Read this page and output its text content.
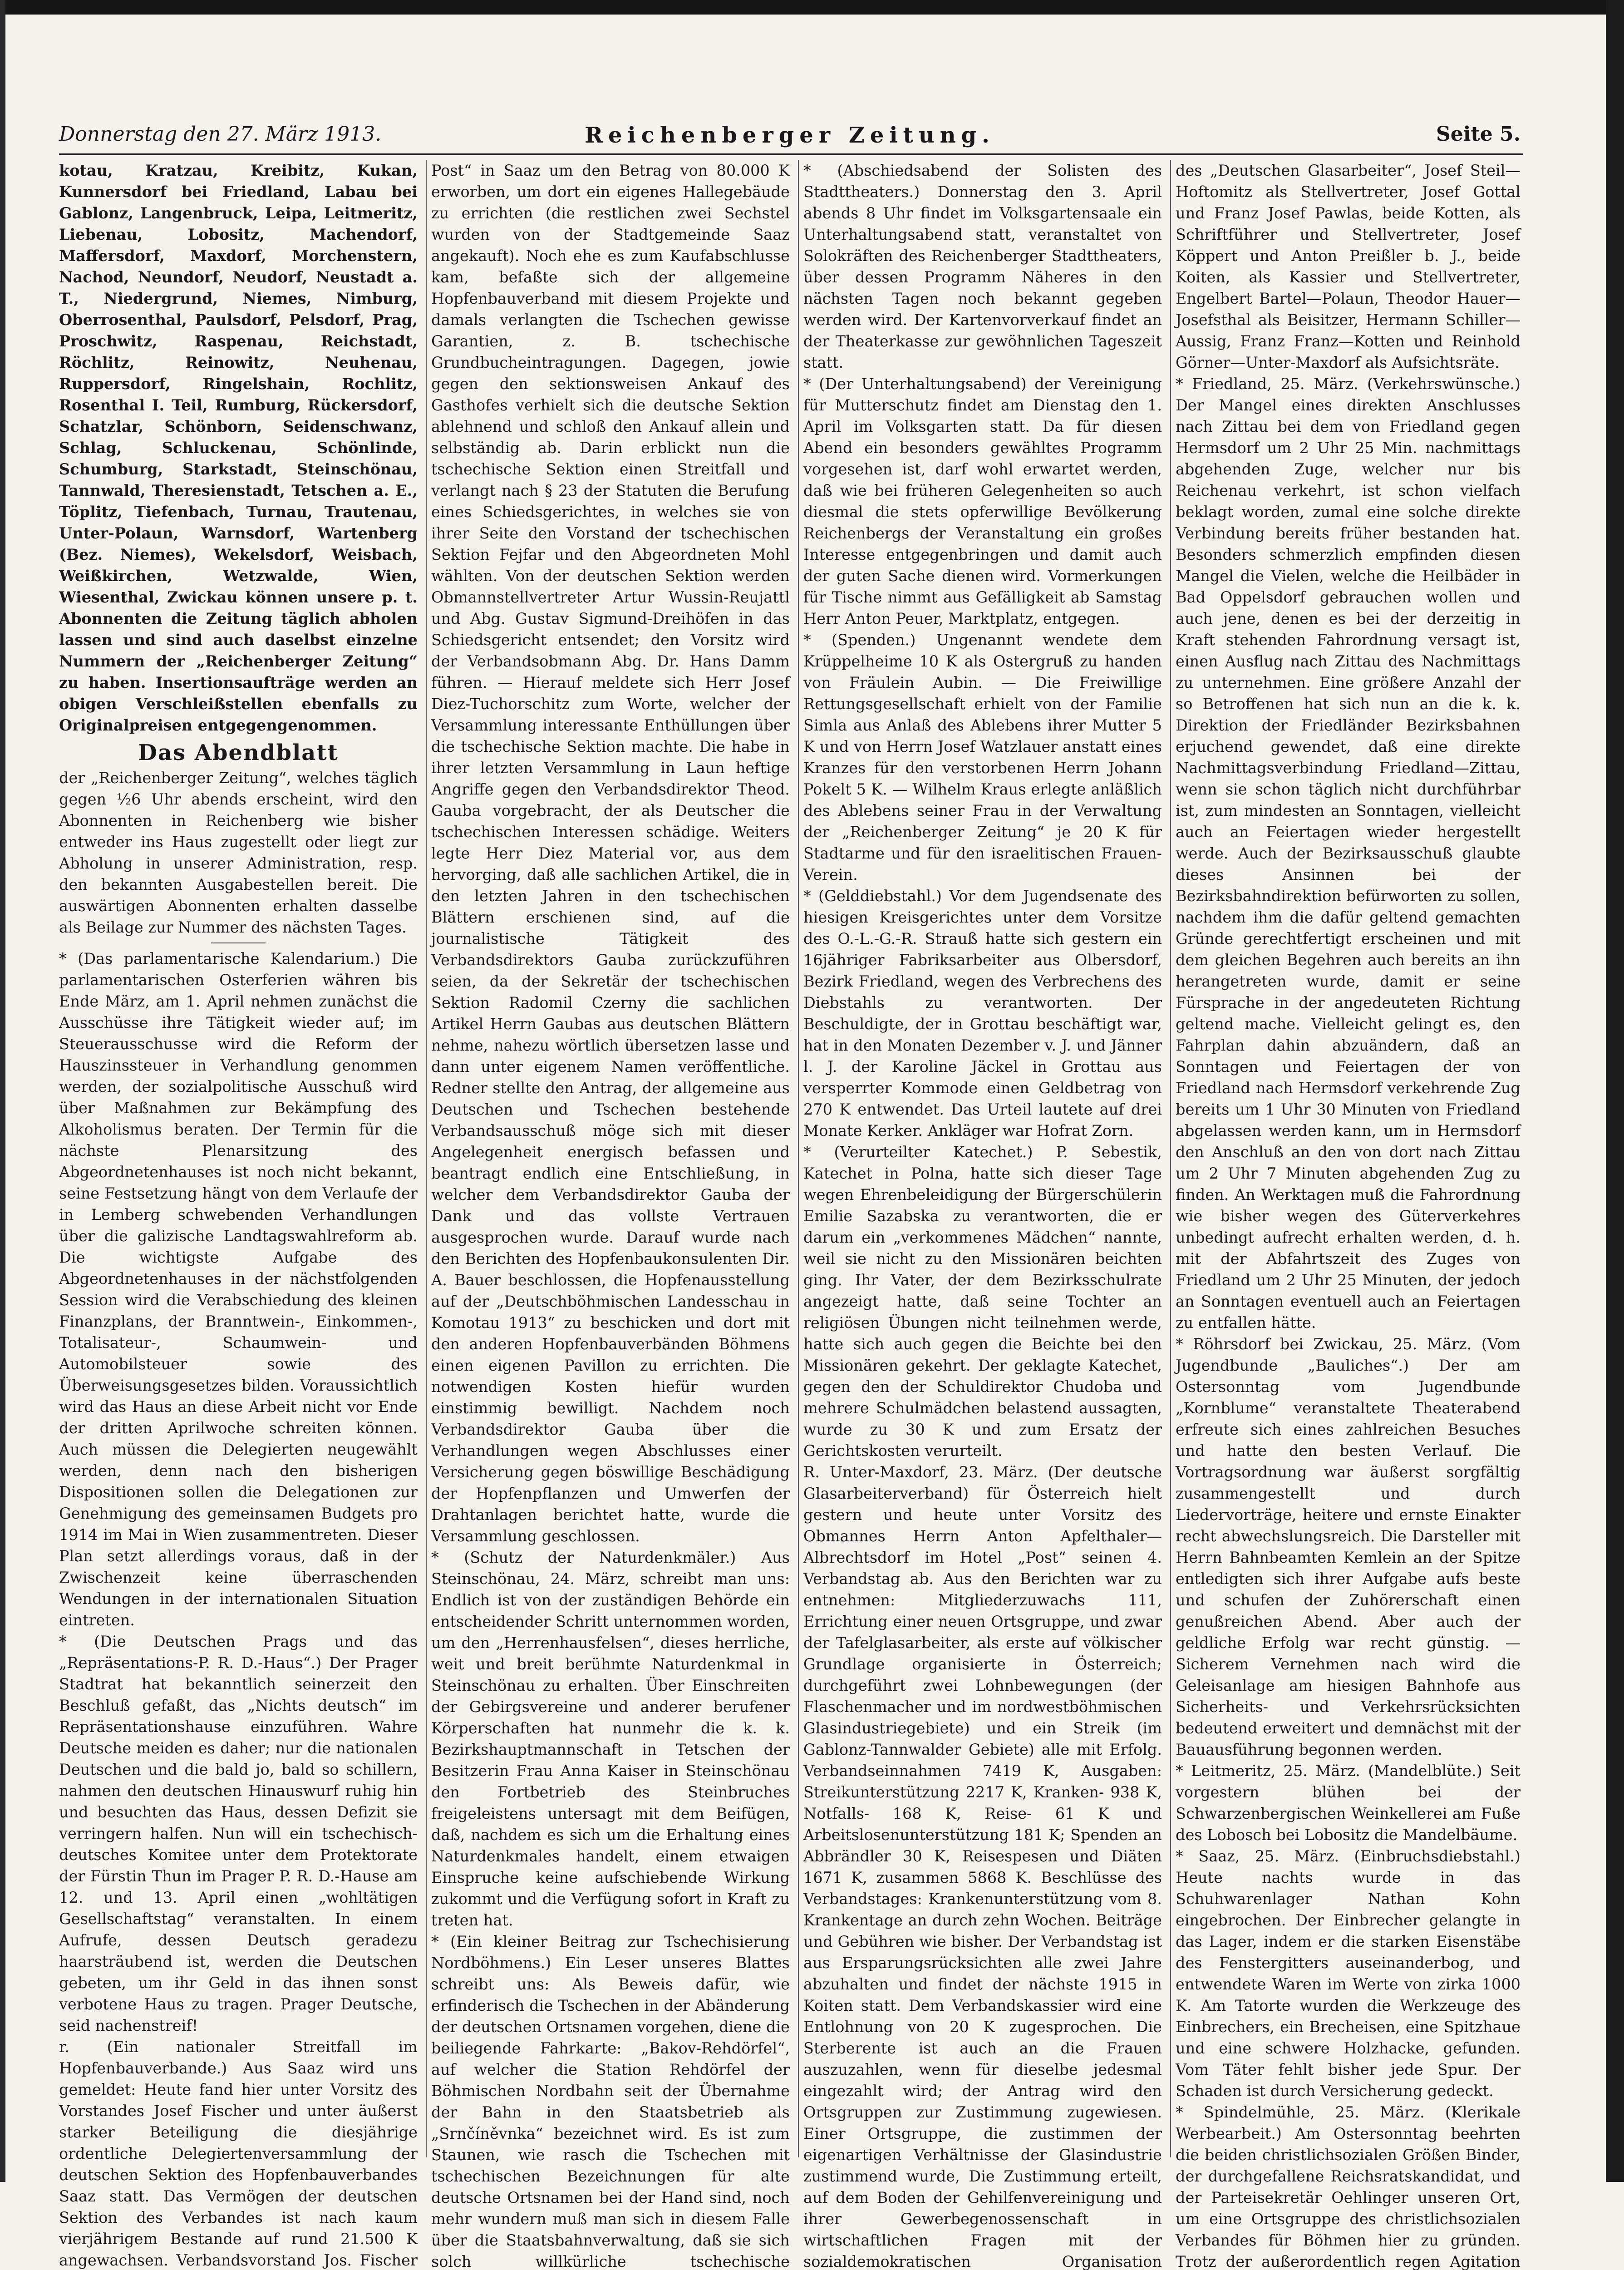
Donnerstag den 27. März 1913.	Reichenberger Zeitung.	Seite 5.

kotau, Kratzau, Kreibitz, Kukan, Kunnersdorf bei Friedland, Labau bei Gablonz, Langenbruck, Leipa, Leitmeritz, Liebenau, Lobositz, Machendorf, Maffersdorf, Maxdorf, Morchenstern, Nachod, Neundorf, Neudorf, Neustadt a. T., Niedergrund, Niemes, Nimburg, Oberrosenthal, Paulsdorf, Pelsdorf, Prag, Proschwitz, Raspenau, Reichstadt, Röchlitz, Reinowitz, Neuhenau, Ruppersdorf, Ringelshain, Rochlitz, Rosenthal I. Teil, Rumburg, Rückersdorf, Schatzlar, Schönborn, Seidenschwanz, Schlag, Schluckenau, Schönlinde, Schumburg, Starkstadt, Steinschönau, Tannwald, Theresienstadt, Tetschen a. E., Töplitz, Tiefenbach, Turnau, Trautenau, Unter-Polaun, Warnsdorf, Wartenberg (Bez. Niemes), Wekelsdorf, Weisbach, Weißkirchen, Wetzwalde, Wien, Wiesenthal, Zwickau können unsere p. t. Abonnenten die Zeitung täglich abholen lassen und sind auch daselbst einzelne Nummern der „Reichenberger Zeitung“ zu haben. Insertionsaufträge werden an obigen Verschleißstellen ebenfalls zu Originalpreisen entgegengenommen.

Das Abendblatt

der „Reichenberger Zeitung“, welches täglich gegen ½6 Uhr abends erscheint, wird den Abonnenten in Reichenberg wie bisher entweder ins Haus zugestellt oder liegt zur Abholung in unserer Administration, resp. den bekannten Ausgabestellen bereit. Die auswärtigen Abonnenten erhalten dasselbe als Beilage zur Nummer des nächsten Tages.

* (Das parlamentarische Kalendarium.) Die parlamentarischen Osterferien währen bis Ende März, am 1. April nehmen zunächst die Ausschüsse ihre Tätigkeit wieder auf; im Steuerausschusse wird die Reform der Hauszinssteuer in Verhandlung genommen werden, der sozialpolitische Ausschuß wird über Maßnahmen zur Bekämpfung des Alkoholismus beraten. Der Termin für die nächste Plenarsitzung des Abgeordnetenhauses ist noch nicht bekannt, seine Festsetzung hängt von dem Verlaufe der in Lemberg schwebenden Verhandlungen über die galizische Landtagswahlreform ab. Die wichtigste Aufgabe des Abgeordnetenhauses in der nächstfolgenden Session wird die Verabschiedung des kleinen Finanzplans, der Branntwein-, Einkommen-, Totalisateur-, Schaumwein- und Automobilsteuer sowie des Überweisungsgesetzes bilden. Voraussichtlich wird das Haus an diese Arbeit nicht vor Ende der dritten Aprilwoche schreiten können. Auch müssen die Delegierten neugewählt werden, denn nach den bisherigen Dispositionen sollen die Delegationen zur Genehmigung des gemeinsamen Budgets pro 1914 im Mai in Wien zusammentreten. Dieser Plan setzt allerdings voraus, daß in der Zwischenzeit keine überraschenden Wendungen in der internationalen Situation eintreten.

* (Die Deutschen Prags und das „Repräsentations-P. R. D.-Haus“.) Der Prager Stadtrat hat bekanntlich seinerzeit den Beschluß gefaßt, das „Nichts deutsch“ im Repräsentationshause einzuführen. Wahre Deutsche meiden es daher; nur die nationalen Deutschen und die bald jo, bald so schillern, nahmen den deutschen Hinauswurf ruhig hin und besuchten das Haus, dessen Defizit sie verringern halfen. Nun will ein tschechisch-deutsches Komitee unter dem Protektorate der Fürstin Thun im Prager P. R. D.-Hause am 12. und 13. April einen „wohltätigen Gesellschaftstag“ veranstalten. In einem Aufrufe, dessen Deutsch geradezu haarsträubend ist, werden die Deutschen gebeten, um ihr Geld in das ihnen sonst verbotene Haus zu tragen. Prager Deutsche, seid nachenstreif!

r. (Ein nationaler Streitfall im Hopfenbauverbande.) Aus Saaz wird uns gemeldet: Heute fand hier unter Vorsitz des Vorstandes Josef Fischer und unter äußerst starker Beteiligung die diesjährige ordentliche Delegiertenversammlung der deutschen Sektion des Hopfenbauverbandes Saaz statt. Das Vermögen der deutschen Sektion des Verbandes ist nach kaum vierjährigem Bestande auf rund 21.500 K angewachsen. Verbandsvorstand Jos. Fischer

Post“ in Saaz um den Betrag von 80.000 K erworben, um dort ein eigenes Hallegebäude zu errichten (die restlichen zwei Sechstel wurden von der Stadtgemeinde Saaz angekauft). Noch ehe es zum Kaufabschlusse kam, befaßte sich der allgemeine Hopfenbauverband mit diesem Projekte und damals verlangten die Tschechen gewisse Garantien, z. B. tschechische Grundbucheintragungen. Dagegen, jowie gegen den sektionsweisen Ankauf des Gasthofes verhielt sich die deutsche Sektion ablehnend und schloß den Ankauf allein und selbständig ab. Darin erblickt nun die tschechische Sektion einen Streitfall und verlangt nach § 23 der Statuten die Berufung eines Schiedsgerichtes, in welches sie von ihrer Seite den Vorstand der tschechischen Sektion Fejfar und den Abgeordneten Mohl wählten. Von der deutschen Sektion werden Obmannstellvertreter Artur Wussin-Reujattl und Abg. Gustav Sigmund-Dreihöfen in das Schiedsgericht entsendet; den Vorsitz wird der Verbandsobmann Abg. Dr. Hans Damm führen. — Hierauf meldete sich Herr Josef Diez-Tuchorschitz zum Worte, welcher der Versammlung interessante Enthüllungen über die tschechische Sektion machte. Die habe in ihrer letzten Versammlung in Laun heftige Angriffe gegen den Verbandsdirektor Theod. Gauba vorgebracht, der als Deutscher die tschechischen Interessen schädige. Weiters legte Herr Diez Material vor, aus dem hervorging, daß alle sachlichen Artikel, die in den letzten Jahren in den tschechischen Blättern erschienen sind, auf die journalistische Tätigkeit des Verbandsdirektors Gauba zurückzuführen seien, da der Sekretär der tschechischen Sektion Radomil Czerny die sachlichen Artikel Herrn Gaubas aus deutschen Blättern nehme, nahezu wörtlich übersetzen lasse und dann unter eigenem Namen veröffentliche. Redner stellte den Antrag, der allgemeine aus Deutschen und Tschechen bestehende Verbandsausschuß möge sich mit dieser Angelegenheit energisch befassen und beantragt endlich eine Entschließung, in welcher dem Verbandsdirektor Gauba der Dank und das vollste Vertrauen ausgesprochen wurde. Darauf wurde nach den Berichten des Hopfenbaukonsulenten Dir. A. Bauer beschlossen, die Hopfenausstellung auf der „Deutschböhmischen Landesschau in Komotau 1913“ zu beschicken und dort mit den anderen Hopfenbauverbänden Böhmens einen eigenen Pavillon zu errichten. Die notwendigen Kosten hiefür wurden einstimmig bewilligt. Nachdem noch Verbandsdirektor Gauba über die Verhandlungen wegen Abschlusses einer Versicherung gegen böswillige Beschädigung der Hopfenpflanzen und Umwerfen der Drahtanlagen berichtet hatte, wurde die Versammlung geschlossen.

* (Schutz der Naturdenkmäler.) Aus Steinschönau, 24. März, schreibt man uns: Endlich ist von der zuständigen Behörde ein entscheidender Schritt unternommen worden, um den „Herrenhausfelsen“, dieses herrliche, weit und breit berühmte Naturdenkmal in Steinschönau zu erhalten. Über Einschreiten der Gebirgsvereine und anderer berufener Körperschaften hat nunmehr die k. k. Bezirkshauptmannschaft in Tetschen der Besitzerin Frau Anna Kaiser in Steinschönau den Fortbetrieb des Steinbruches freigeleistens untersagt mit dem Beifügen, daß, nachdem es sich um die Erhaltung eines Naturdenkmales handelt, einem etwaigen Einspruche keine aufschiebende Wirkung zukommt und die Verfügung sofort in Kraft zu treten hat.

* (Ein kleiner Beitrag zur Tschechisierung Nordböhmens.) Ein Leser unseres Blattes schreibt uns: Als Beweis dafür, wie erfinderisch die Tschechen in der Abänderung der deutschen Ortsnamen vorgehen, diene die beiliegende Fahrkarte: „Bakov-Rehdörfel“, auf welcher die Station Rehdörfel der Böhmischen Nordbahn seit der Übernahme der Bahn in den Staatsbetrieb als „Srnčíněvnka“ bezeichnet wird. Es ist zum Staunen, wie rasch die Tschechen mit tschechischen Bezeichnungen für alte deutsche Ortsnamen bei der Hand sind, noch mehr wundern muß man sich in diesem Falle über die Staatsbahnverwaltung, daß sie sich solch willkürliche tschechische

* (Abschiedsabend der Solisten des Stadttheaters.) Donnerstag den 3. April abends 8 Uhr findet im Volksgartensaale ein Unterhaltungsabend statt, veranstaltet von Solokräften des Reichenberger Stadttheaters, über dessen Programm Näheres in den nächsten Tagen noch bekannt gegeben werden wird. Der Kartenvorverkauf findet an der Theaterkasse zur gewöhnlichen Tageszeit statt.

* (Der Unterhaltungsabend) der Vereinigung für Mutterschutz findet am Dienstag den 1. April im Volksgarten statt. Da für diesen Abend ein besonders gewähltes Programm vorgesehen ist, darf wohl erwartet werden, daß wie bei früheren Gelegenheiten so auch diesmal die stets opferwillige Bevölkerung Reichenbergs der Veranstaltung ein großes Interesse entgegenbringen und damit auch der guten Sache dienen wird. Vormerkungen für Tische nimmt aus Gefälligkeit ab Samstag Herr Anton Peuer, Marktplatz, entgegen.

* (Spenden.) Ungenannt wendete dem Krüppelheime 10 K als Ostergruß zu handen von Fräulein Aubin. — Die Freiwillige Rettungsgesellschaft erhielt von der Familie Simla aus Anlaß des Ablebens ihrer Mutter 5 K und von Herrn Josef Watzlauer anstatt eines Kranzes für den verstorbenen Herrn Johann Pokelt 5 K. — Wilhelm Kraus erlegte anläßlich des Ablebens seiner Frau in der Verwaltung der „Reichenberger Zeitung“ je 20 K für Stadtarme und für den israelitischen Frauen-Verein.

* (Gelddiebstahl.) Vor dem Jugendsenate des hiesigen Kreisgerichtes unter dem Vorsitze des O.-L.-G.-R. Strauß hatte sich gestern ein 16jähriger Fabriksarbeiter aus Olbersdorf, Bezirk Friedland, wegen des Verbrechens des Diebstahls zu verantworten. Der Beschuldigte, der in Grottau beschäftigt war, hat in den Monaten Dezember v. J. und Jänner l. J. der Karoline Jäckel in Grottau aus versperrter Kommode einen Geldbetrag von 270 K entwendet. Das Urteil lautete auf drei Monate Kerker. Ankläger war Hofrat Zorn.

* (Verurteilter Katechet.) P. Sebestik, Katechet in Polna, hatte sich dieser Tage wegen Ehrenbeleidigung der Bürgerschülerin Emilie Sazabska zu verantworten, die er darum ein „verkommenes Mädchen“ nannte, weil sie nicht zu den Missionären beichten ging. Ihr Vater, der dem Bezirksschulrate angezeigt hatte, daß seine Tochter an religiösen Übungen nicht teilnehmen werde, hatte sich auch gegen die Beichte bei den Missionären gekehrt. Der geklagte Katechet, gegen den der Schuldirektor Chudoba und mehrere Schulmädchen belastend aussagten, wurde zu 30 K und zum Ersatz der Gerichtskosten verurteilt.

R. Unter-Maxdorf, 23. März. (Der deutsche Glasarbeiterverband) für Österreich hielt gestern und heute unter Vorsitz des Obmannes Herrn Anton Apfelthaler—Albrechtsdorf im Hotel „Post“ seinen 4. Verbandstag ab. Aus den Berichten war zu entnehmen: Mitgliederzuwachs 111, Errichtung einer neuen Ortsgruppe, und zwar der Tafelglasarbeiter, als erste auf völkischer Grundlage organisierte in Österreich; durchgeführt zwei Lohnbewegungen (der Flaschenmacher und im nordwestböhmischen Glasindustriegebiete) und ein Streik (im Gablonz-Tannwalder Gebiete) alle mit Erfolg. Verbandseinnahmen 7419 K, Ausgaben: Streikunterstützung 2217 K, Kranken- 938 K, Notfalls- 168 K, Reise- 61 K und Arbeitslosenunterstützung 181 K; Spenden an Abbrändler 30 K, Reisespesen und Diäten 1671 K, zusammen 5868 K. Beschlüsse des Verbandstages: Krankenunterstützung vom 8. Krankentage an durch zehn Wochen. Beiträge und Gebühren wie bisher. Der Verbandstag ist aus Ersparungsrücksichten alle zwei Jahre abzuhalten und findet der nächste 1915 in Koiten statt. Dem Verbandskassier wird eine Entlohnung von 20 K zugesprochen. Die Sterberente ist auch an die Frauen auszuzahlen, wenn für dieselbe jedesmal eingezahlt wird; der Antrag wird den Ortsgruppen zur Zustimmung zugewiesen. Einer Ortsgruppe, die zustimmen der eigenartigen Verhältnisse der Glasindustrie zustimmend wurde, Die Zustimmung erteilt, auf dem Boden der Gehilfenvereinigung und ihrer Gewerbegenossenschaft in wirtschaftlichen Fragen mit der sozialdemokratischen Organisation

des „Deutschen Glasarbeiter“, Josef Steil—Hoftomitz als Stellvertreter, Josef Gottal und Franz Josef Pawlas, beide Kotten, als Schriftführer und Stellvertreter, Josef Köppert und Anton Preißler b. J., beide Koiten, als Kassier und Stellvertreter, Engelbert Bartel—Polaun, Theodor Hauer—Josefsthal als Beisitzer, Hermann Schiller—Aussig, Franz Franz—Kotten und Reinhold Görner—Unter-Maxdorf als Aufsichtsräte.

* Friedland, 25. März. (Verkehrswünsche.) Der Mangel eines direkten Anschlusses nach Zittau bei dem von Friedland gegen Hermsdorf um 2 Uhr 25 Min. nachmittags abgehenden Zuge, welcher nur bis Reichenau verkehrt, ist schon vielfach beklagt worden, zumal eine solche direkte Verbindung bereits früher bestanden hat. Besonders schmerzlich empfinden diesen Mangel die Vielen, welche die Heilbäder in Bad Oppelsdorf gebrauchen wollen und auch jene, denen es bei der derzeitig in Kraft stehenden Fahrordnung versagt ist, einen Ausflug nach Zittau des Nachmittags zu unternehmen. Eine größere Anzahl der so Betroffenen hat sich nun an die k. k. Direktion der Friedländer Bezirksbahnen erjuchend gewendet, daß eine direkte Nachmittagsverbindung Friedland—Zittau, wenn sie schon täglich nicht durchführbar ist, zum mindesten an Sonntagen, vielleicht auch an Feiertagen wieder hergestellt werde. Auch der Bezirksausschuß glaubte dieses Ansinnen bei der Bezirksbahndirektion befürworten zu sollen, nachdem ihm die dafür geltend gemachten Gründe gerechtfertigt erscheinen und mit dem gleichen Begehren auch bereits an ihn herangetreten wurde, damit er seine Fürsprache in der angedeuteten Richtung geltend mache. Vielleicht gelingt es, den Fahrplan dahin abzuändern, daß an Sonntagen und Feiertagen der von Friedland nach Hermsdorf verkehrende Zug bereits um 1 Uhr 30 Minuten von Friedland abgelassen werden kann, um in Hermsdorf den Anschluß an den von dort nach Zittau um 2 Uhr 7 Minuten abgehenden Zug zu finden. An Werktagen muß die Fahrordnung wie bisher wegen des Güterverkehres unbedingt aufrecht erhalten werden, d. h. mit der Abfahrtszeit des Zuges von Friedland um 2 Uhr 25 Minuten, der jedoch an Sonntagen eventuell auch an Feiertagen zu entfallen hätte.

* Röhrsdorf bei Zwickau, 25. März. (Vom Jugendbunde „Bauliches“.) Der am Ostersonntag vom Jugendbunde „Kornblume“ veranstaltete Theaterabend erfreute sich eines zahlreichen Besuches und hatte den besten Verlauf. Die Vortragsordnung war äußerst sorgfältig zusammengestellt und durch Liedervorträge, heitere und ernste Einakter recht abwechslungsreich. Die Darsteller mit Herrn Bahnbeamten Kemlein an der Spitze entledigten sich ihrer Aufgabe aufs beste und schufen der Zuhörerschaft einen genußreichen Abend. Aber auch der geldliche Erfolg war recht günstig. — Sicherem Vernehmen nach wird die Geleisanlage am hiesigen Bahnhofe aus Sicherheits- und Verkehrsrücksichten bedeutend erweitert und demnächst mit der Bauausführung begonnen werden.

* Leitmeritz, 25. März. (Mandelblüte.) Seit vorgestern blühen bei der Schwarzenbergischen Weinkellerei am Fuße des Lobosch bei Lobositz die Mandelbäume.

* Saaz, 25. März. (Einbruchsdiebstahl.) Heute nachts wurde in das Schuhwarenlager Nathan Kohn eingebrochen. Der Einbrecher gelangte in das Lager, indem er die starken Eisenstäbe des Fenstergitters auseinanderbog, und entwendete Waren im Werte von zirka 1000 K. Am Tatorte wurden die Werkzeuge des Einbrechers, ein Brecheisen, eine Spitzhaue und eine schwere Holzhacke, gefunden. Vom Täter fehlt bisher jede Spur. Der Schaden ist durch Versicherung gedeckt.

* Spindelmühle, 25. März. (Klerikale Werbearbeit.) Am Ostersonntag beehrten die beiden christlichsozialen Größen Binder, der durchgefallene Reichsratskandidat, und der Parteisekretär Oehlinger unseren Ort, um eine Ortsgruppe des christlichsozialen Verbandes für Böhmen hier zu gründen. Trotz der außerordentlich regen Agitation
